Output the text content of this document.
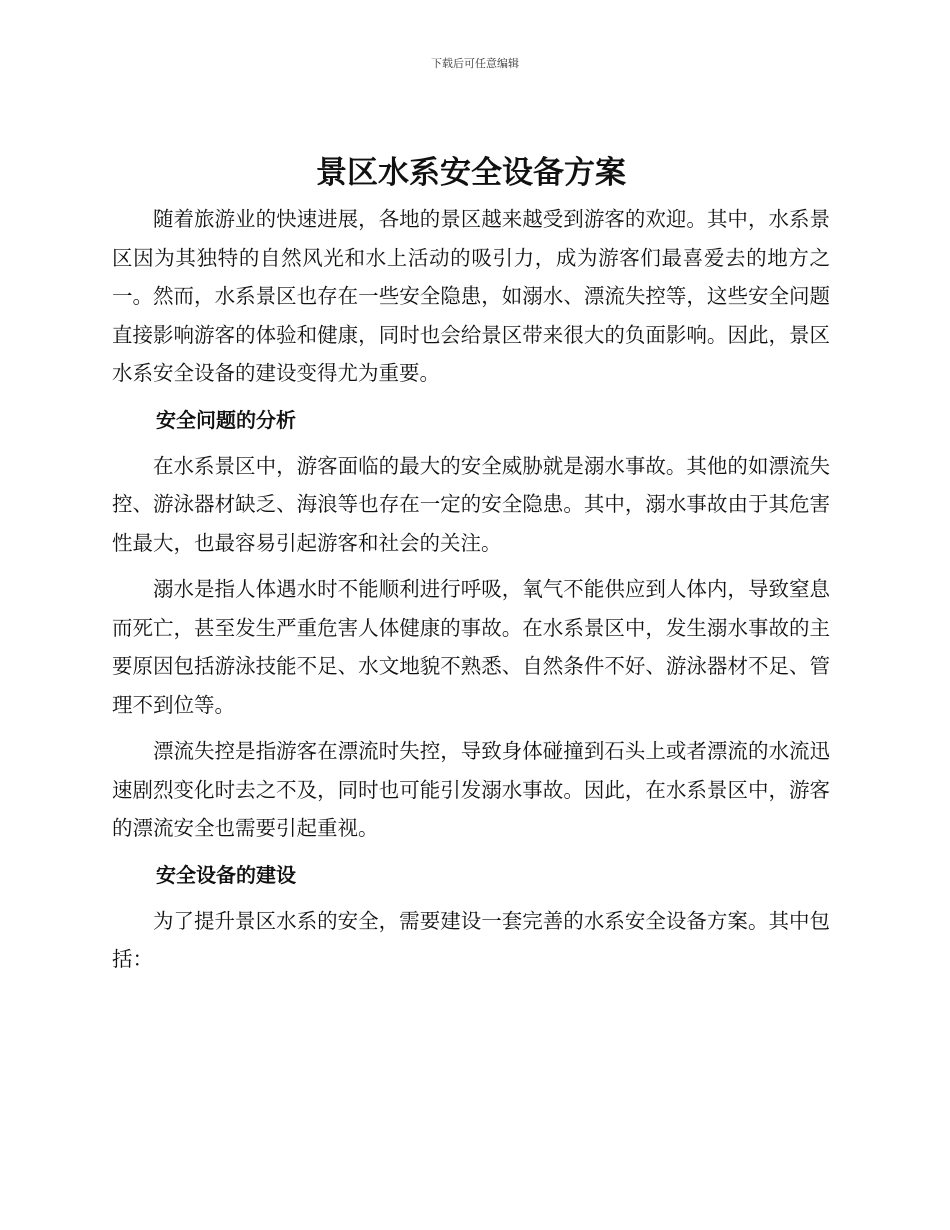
下载后可任意编辑
景区水系安全设备方案

随着旅游业的快速进展，各地的景区越来越受到游客的欢迎。其中，水系景区因为其独特的自然风光和水上活动的吸引力，成为游客们最喜爱去的地方之一。然而，水系景区也存在一些安全隐患，如溺水、漂流失控等，这些安全问题直接影响游客的体验和健康，同时也会给景区带来很大的负面影响。因此，景区水系安全设备的建设变得尤为重要。

安全问题的分析

在水系景区中，游客面临的最大的安全威胁就是溺水事故。其他的如漂流失控、游泳器材缺乏、海浪等也存在一定的安全隐患。其中，溺水事故由于其危害性最大，也最容易引起游客和社会的关注。

溺水是指人体遇水时不能顺利进行呼吸，氧气不能供应到人体内，导致窒息而死亡，甚至发生严重危害人体健康的事故。在水系景区中，发生溺水事故的主要原因包括游泳技能不足、水文地貌不熟悉、自然条件不好、游泳器材不足、管理不到位等。

漂流失控是指游客在漂流时失控，导致身体碰撞到石头上或者漂流的水流迅速剧烈变化时去之不及，同时也可能引发溺水事故。因此，在水系景区中，游客的漂流安全也需要引起重视。

安全设备的建设

为了提升景区水系的安全，需要建设一套完善的水系安全设备方案。其中包括：
